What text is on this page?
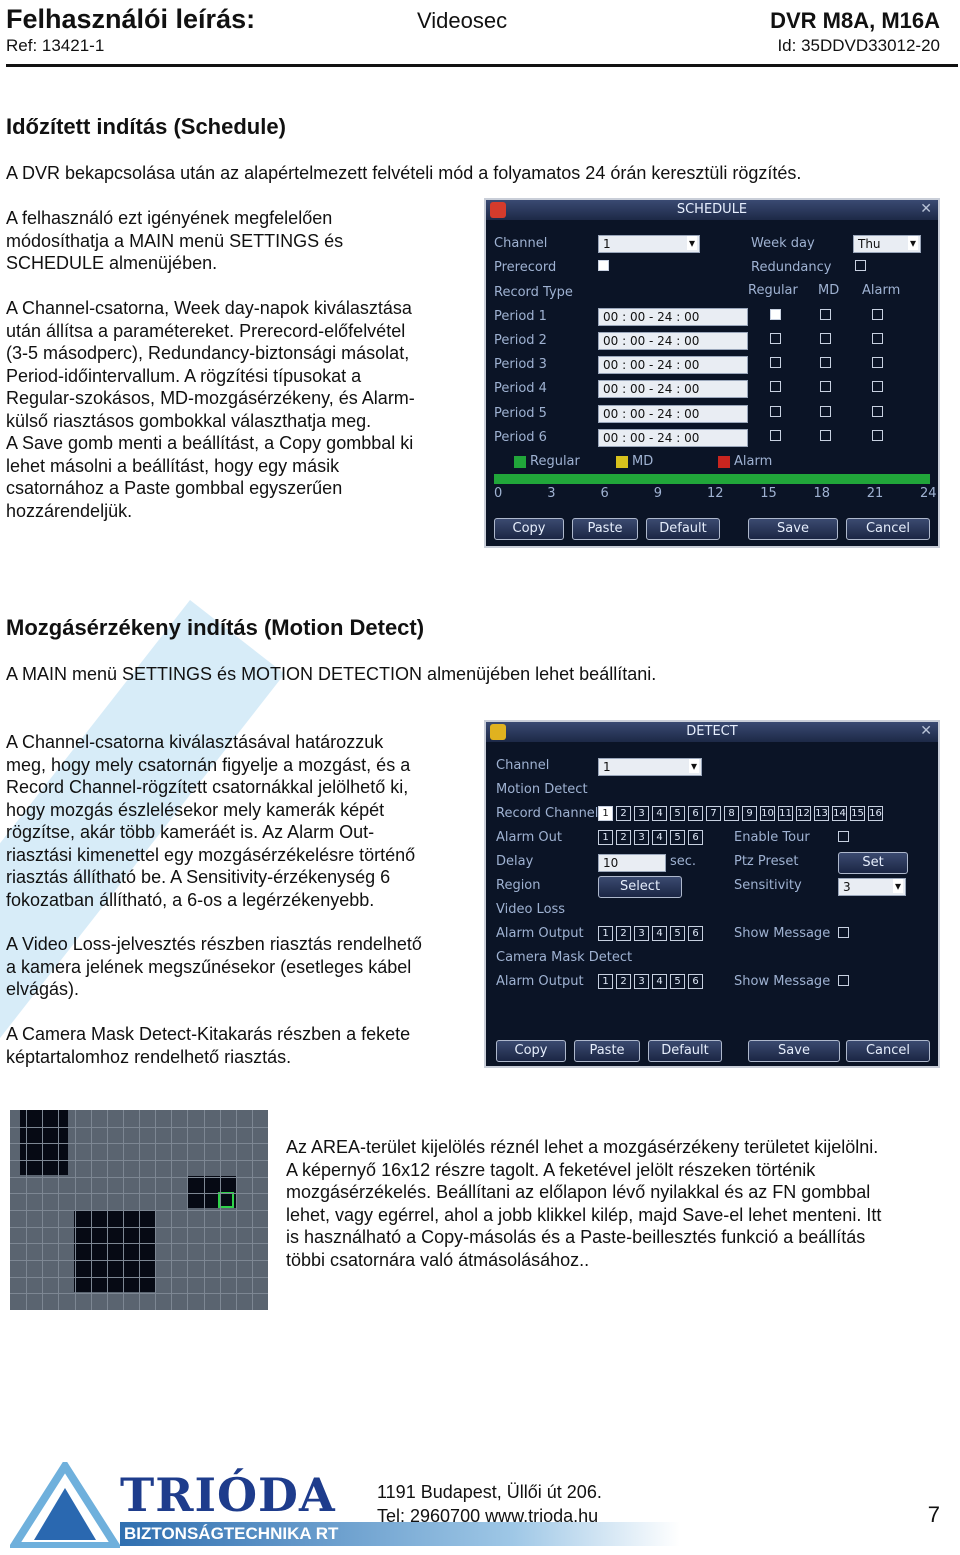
Felhasználói leírás:	Videosec	DVR M8A, M16A
Ref: 13421-1	Id: 35DDVD33012-20
Időzített indítás (Schedule)
A DVR bekapcsolása után az alapértelmezett felvételi mód a folyamatos 24 órán keresztüli rögzítés.
A felhasználó ezt igényének megfelelően
módosíthatja a MAIN menü SETTINGS és
SCHEDULE almenüjében.
A Channel-csatorna, Week day-napok kiválasztása
után állítsa a paramétereket. Prerecord-előfelvétel
(3-5 másodperc), Redundancy-biztonsági másolat,
Period-időintervallum. A rögzítési típusokat a
Regular-szokásos, MD-mozgásérzékeny, és Alarm-
külső riasztásos gombokkal választhatja meg.
A Save gomb menti a beállítást, a Copy gombbal ki
lehet másolni a beállítást, hogy egy másik
csatornához a Paste gombbal egyszerűen
hozzárendeljük.
SCHEDULE	✕
Channel	1 ▾	Week day	Thu ▾
Prerecord	Redundancy
Record Type	Regular MD Alarm
Period 1	00 : 00 - 24 : 00
Period 2	00 : 00 - 24 : 00
Period 3	00 : 00 - 24 : 00
Period 4	00 : 00 - 24 : 00
Period 5	00 : 00 - 24 : 00
Period 6	00 : 00 - 24 : 00
Regular	MD	Alarm
0	3	6	9	12	15	18	21	24
Copy	Paste	Default	Save	Cancel
Mozgásérzékeny indítás (Motion Detect)
A MAIN menü SETTINGS és MOTION DETECTION almenüjében lehet beállítani.
A Channel-csatorna kiválasztásával határozzuk
meg, hogy mely csatornán figyelje a mozgást, és a
Record Channel-rögzített csatornákkal jelölhető ki,
hogy mozgás észlelésekor mely kamerák képét
rögzítse, akár több kameráét is. Az Alarm Out-
riasztási kimenettel egy mozgásérzékelésre történő
riasztás állítható be. A Sensitivity-érzékenység 6
fokozatban állítható, a 6-os a legérzékenyebb.
A Video Loss-jelvesztés részben riasztás rendelhető
a kamera jelének megszűnésekor (esetleges kábel
elvágás).
A Camera Mask Detect-Kitakarás részben a fekete
képtartalomhoz rendelhető riasztás.
DETECT	✕
Channel	1 ▾
Motion Detect
Record Channel 1	2	3	4	5	6	7	8	9 10 11 12 13 14 15 16
Alarm Out	1	2	3	4	5	6	Enable Tour
Delay	10	sec.	Ptz Preset	Set
Region	Select	Sensitivity	3 ▾
Video Loss
Alarm Output	1	2	3	4	5	6	Show Message
Camera Mask Detect
Alarm Output	1	2	3	4	5	6	Show Message
Copy	Paste	Default	Save	Cancel
Az AREA-terület kijelölés réznél lehet a mozgásérzékeny területet kijelölni.
A képernyő 16x12 részre tagolt. A feketével jelölt részeken történik
mozgásérzékelés. Beállítani az előlapon lévő nyilakkal és az FN gombbal
lehet, vagy egérrel, ahol a jobb klikkel kilép, majd Save-el lehet menteni. Itt
is használható a Copy-másolás és a Paste-beillesztés funkció a beállítás
többi csatornára való átmásolásához..
TRIÓDA
BIZTONSÁGTECHNIKA RT
1191 Budapest, Üllői út 206.
Tel: 2960700 www.trioda.hu	7
